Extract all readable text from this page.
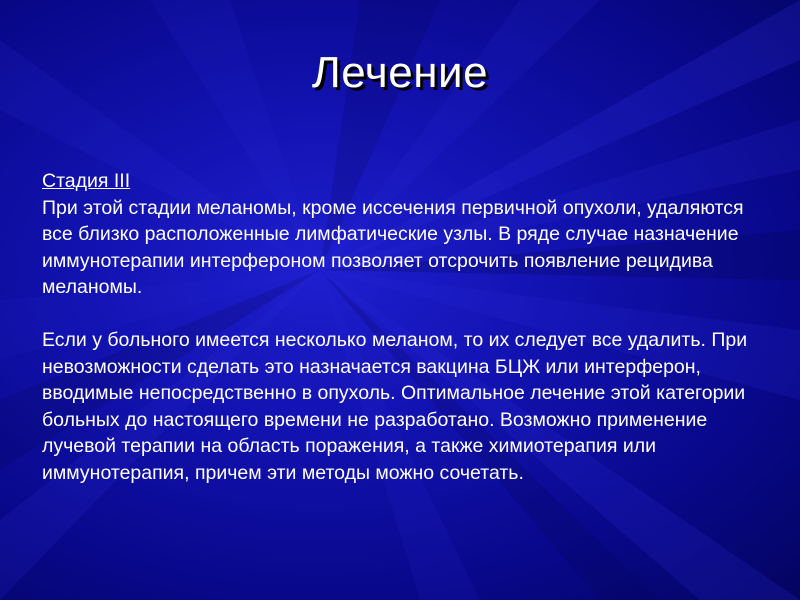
Лечение
Стадия III
При этой стадии меланомы, кроме иссечения первичной опухоли, удаляются все близко расположенные лимфатические узлы. В ряде случае назначение иммунотерапии интерфероном позволяет отсрочить появление рецидива меланомы.
Если у больного имеется несколько меланом, то их следует все удалить. При невозможности сделать это назначается вакцина БЦЖ или интерферон, вводимые непосредственно в опухоль. Оптимальное лечение этой категории больных до настоящего времени не разработано. Возможно применение лучевой терапии на область поражения, а также химиотерапия или иммунотерапия, причем эти методы можно сочетать.
